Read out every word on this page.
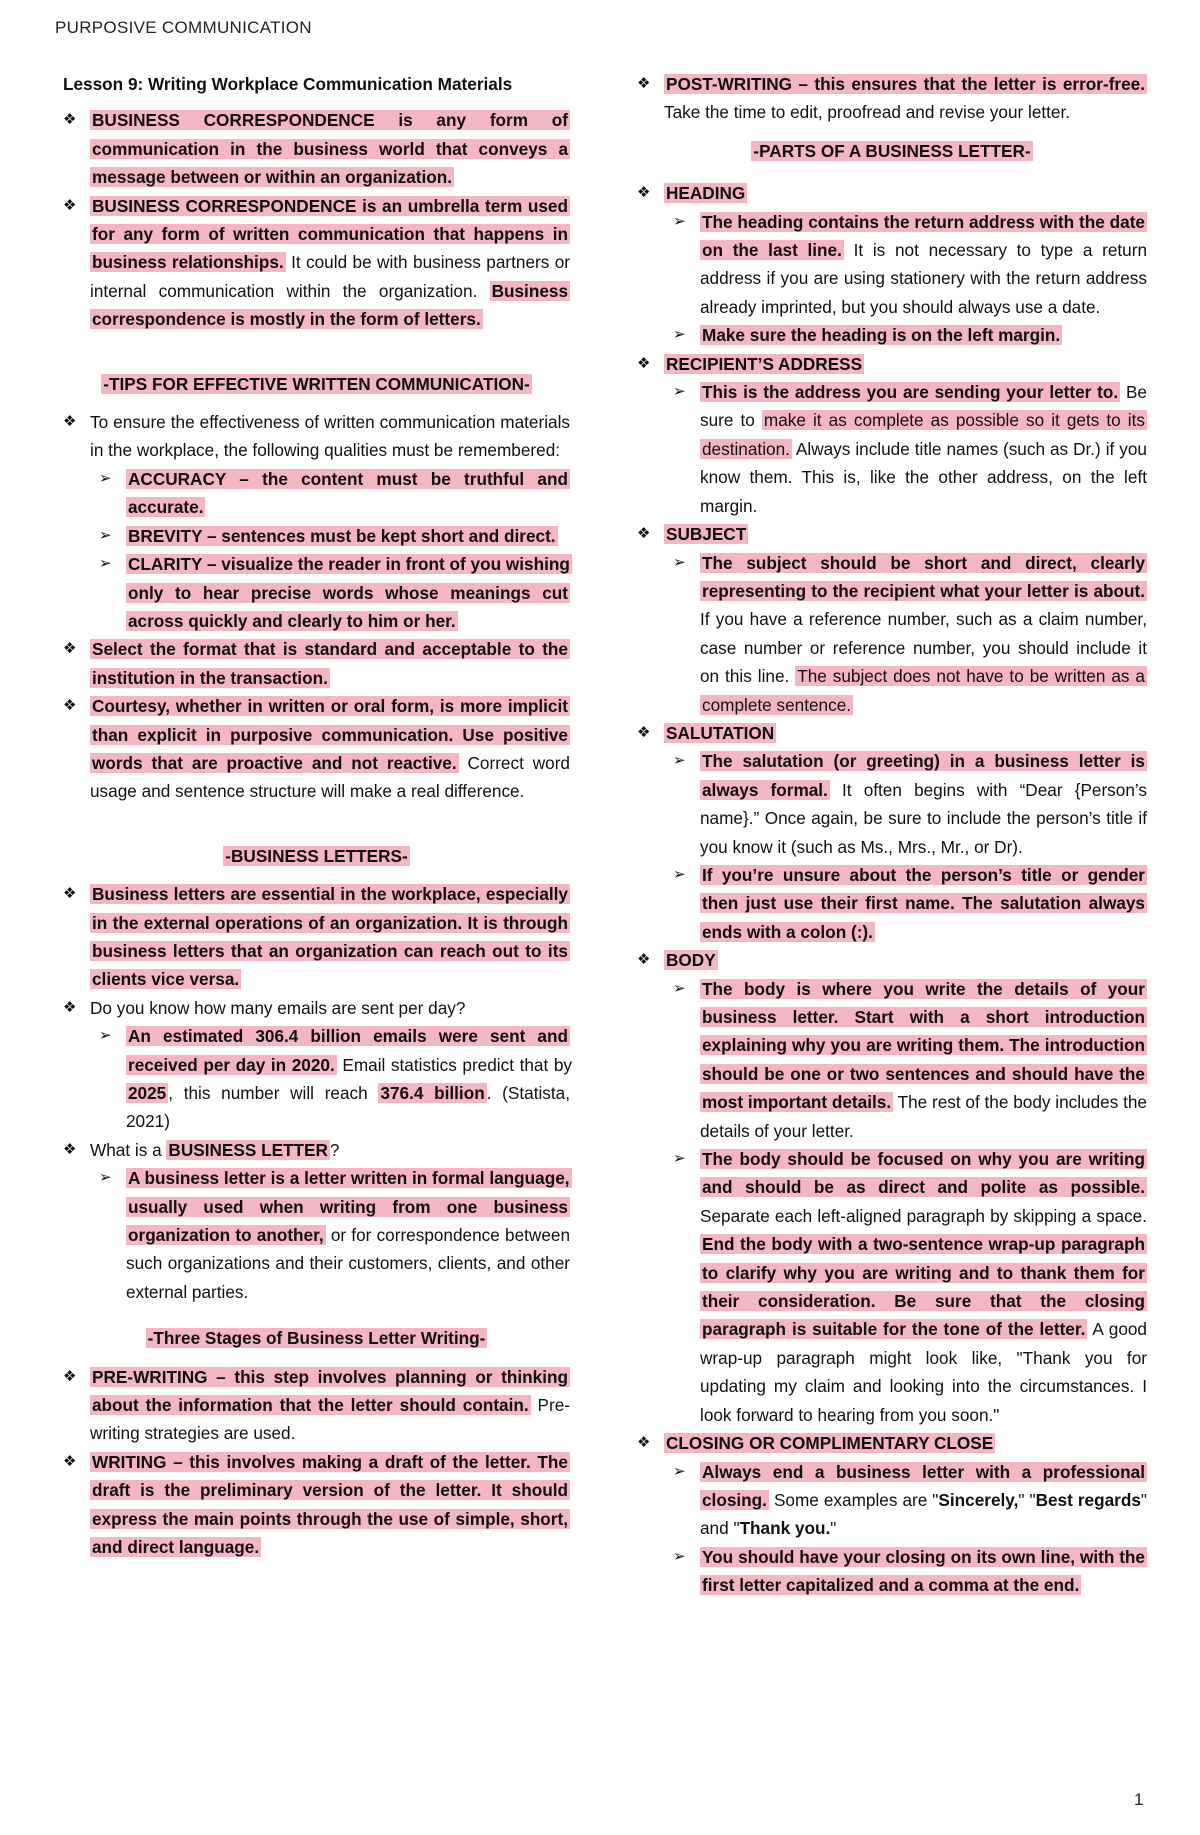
PURPOSIVE COMMUNICATION
Lesson 9: Writing Workplace Communication Materials
❖ BUSINESS CORRESPONDENCE is any form of communication in the business world that conveys a message between or within an organization.
❖ BUSINESS CORRESPONDENCE is an umbrella term used for any form of written communication that happens in business relationships. It could be with business partners or internal communication within the organization. Business correspondence is mostly in the form of letters.
-TIPS FOR EFFECTIVE WRITTEN COMMUNICATION-
❖ To ensure the effectiveness of written communication materials in the workplace, the following qualities must be remembered:
➢ ACCURACY – the content must be truthful and accurate.
➢ BREVITY – sentences must be kept short and direct.
➢ CLARITY – visualize the reader in front of you wishing only to hear precise words whose meanings cut across quickly and clearly to him or her.
❖ Select the format that is standard and acceptable to the institution in the transaction.
❖ Courtesy, whether in written or oral form, is more implicit than explicit in purposive communication. Use positive words that are proactive and not reactive. Correct word usage and sentence structure will make a real difference.
-BUSINESS LETTERS-
❖ Business letters are essential in the workplace, especially in the external operations of an organization. It is through business letters that an organization can reach out to its clients vice versa.
❖ Do you know how many emails are sent per day?
➢ An estimated 306.4 billion emails were sent and received per day in 2020. Email statistics predict that by 2025 , this number will reach 376.4 billion . (Statista, 2021)
❖ What is a BUSINESS LETTER ?
➢ A business letter is a letter written in formal language, usually used when writing from one business organization to another, or for correspondence between such organizations and their customers, clients, and other external parties.
-Three Stages of Business Letter Writing-
❖ PRE-WRITING – this step involves planning or thinking about the information that the letter should contain. Pre-writing strategies are used.
❖ WRITING – this involves making a draft of the letter. The draft is the preliminary version of the letter. It should express the main points through the use of simple, short, and direct language.
❖ POST-WRITING – this ensures that the letter is error-free. Take the time to edit, proofread and revise your letter.
-PARTS OF A BUSINESS LETTER-
❖ HEADING
➢ The heading contains the return address with the date on the last line. It is not necessary to type a return address if you are using stationery with the return address already imprinted, but you should always use a date.
➢ Make sure the heading is on the left margin.
❖ RECIPIENT’S ADDRESS
➢ This is the address you are sending your letter to. Be sure to make it as complete as possible so it gets to its destination. Always include title names (such as Dr.) if you know them. This is, like the other address, on the left margin.
❖ SUBJECT
➢ The subject should be short and direct, clearly representing to the recipient what your letter is about. If you have a reference number, such as a claim number, case number or reference number, you should include it on this line. The subject does not have to be written as a complete sentence.
❖ SALUTATION
➢ The salutation (or greeting) in a business letter is always formal. It often begins with “Dear {Person’s name}.” Once again, be sure to include the person’s title if you know it (such as Ms., Mrs., Mr., or Dr).
➢ If you’re unsure about the person’s title or gender then just use their first name. The salutation always ends with a colon (:).
❖ BODY
➢ The body is where you write the details of your business letter. Start with a short introduction explaining why you are writing them. The introduction should be one or two sentences and should have the most important details. The rest of the body includes the details of your letter.
➢ The body should be focused on why you are writing and should be as direct and polite as possible. Separate each left-aligned paragraph by skipping a space. End the body with a two-sentence wrap-up paragraph to clarify why you are writing and to thank them for their consideration. Be sure that the closing paragraph is suitable for the tone of the letter. A good wrap-up paragraph might look like, "Thank you for updating my claim and looking into the circumstances. I look forward to hearing from you soon."
❖ CLOSING OR COMPLIMENTARY CLOSE
➢ Always end a business letter with a professional closing. Some examples are "Sincerely," "Best regards" and "Thank you."
➢ You should have your closing on its own line, with the first letter capitalized and a comma at the end.
1
